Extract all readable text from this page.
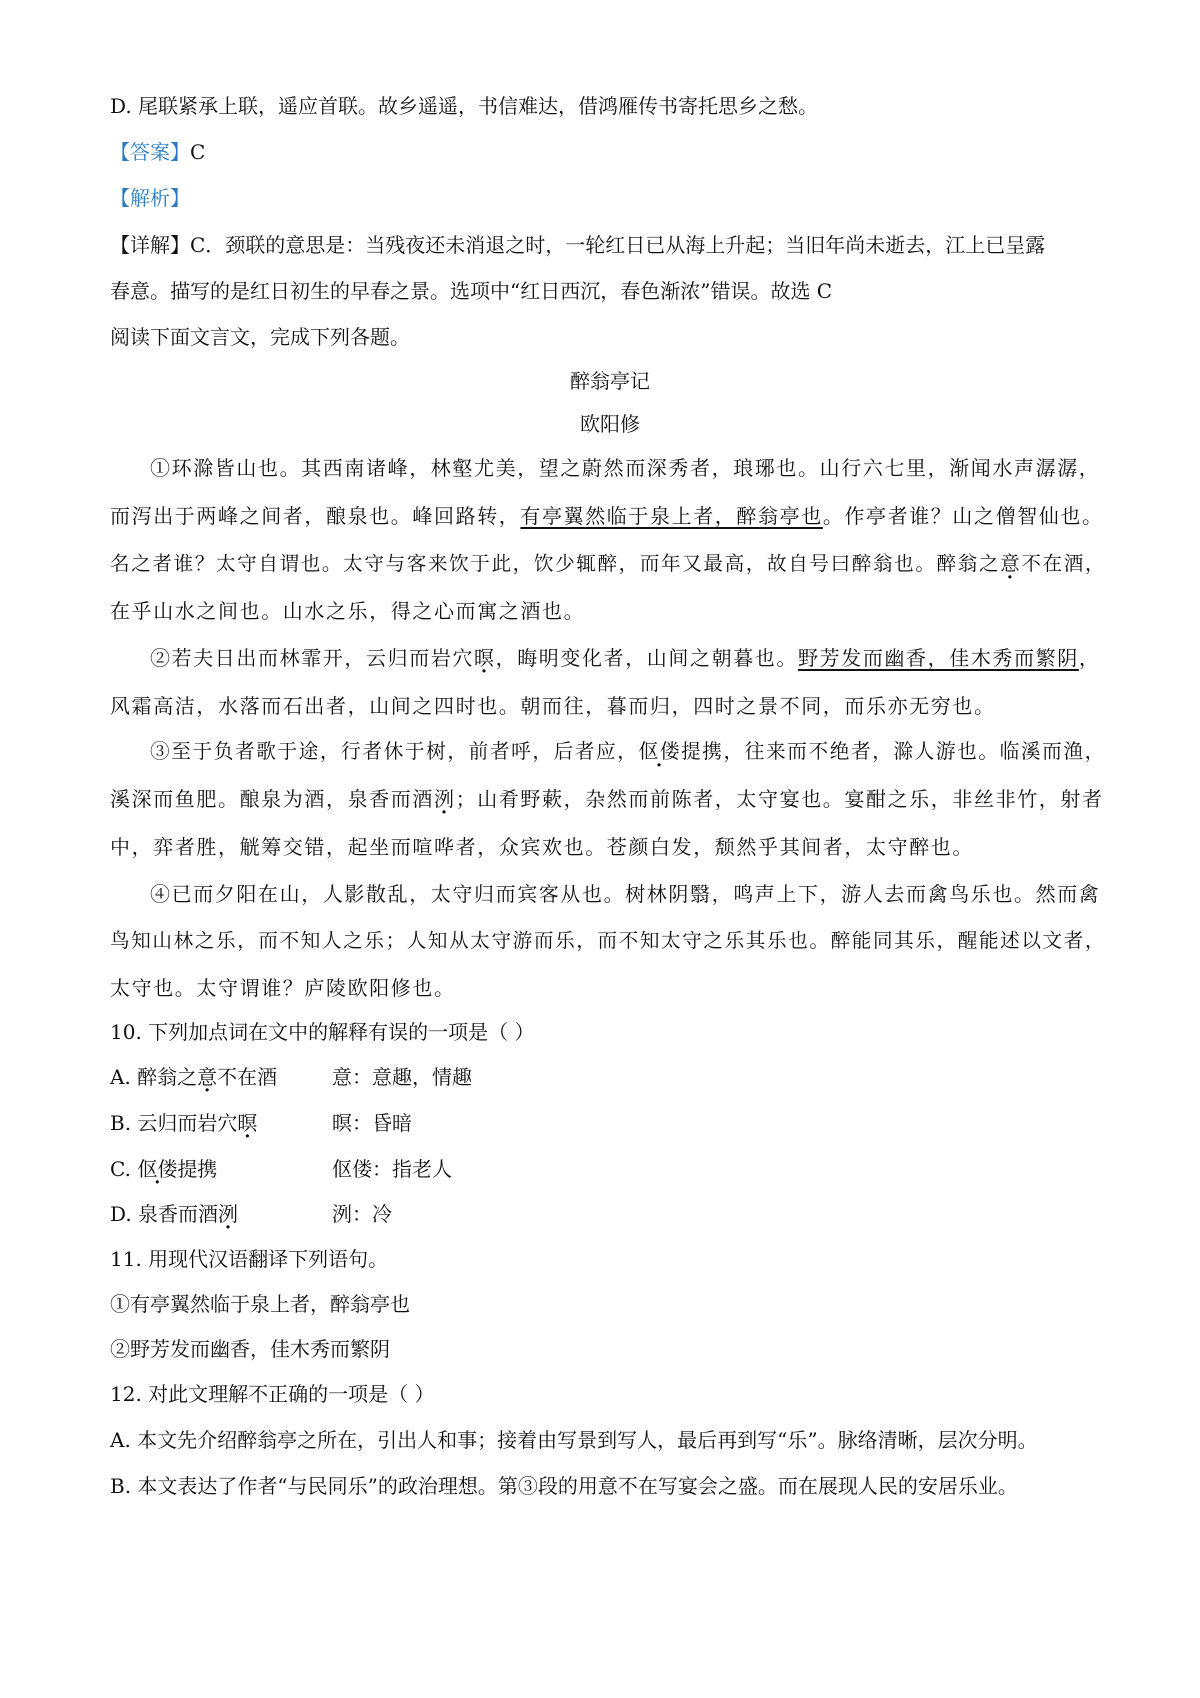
D. 尾联紧承上联，遥应首联。故乡遥遥，书信难达，借鸿雁传书寄托思乡之愁。
【答案】C
【解析】
【详解】C．颈联的意思是：当残夜还未消退之时，一轮红日已从海上升起；当旧年尚未逝去，江上已呈露
春意。描写的是红日初生的早春之景。选项中“红日西沉，春色渐浓”错误。故选 C
阅读下面文言文，完成下列各题。
醉翁亭记
欧阳修
①环滁皆山也。其西南诸峰，林壑尤美，望之蔚然而深秀者，琅琊也。山行六七里，渐闻水声潺潺，
而泻出于两峰之间者，酿泉也。峰回路转，有亭翼然临于泉上者，醉翁亭也。作亭者谁？山之僧智仙也。
名之者谁？太守自谓也。太守与客来饮于此，饮少辄醉，而年又最高，故自号曰醉翁也。醉翁之意不在酒，
在乎山水之间也。山水之乐，得之心而寓之酒也。
②若夫日出而林霏开，云归而岩穴暝，晦明变化者，山间之朝暮也。野芳发而幽香，佳木秀而繁阴，
风霜高洁，水落而石出者，山间之四时也。朝而往，暮而归，四时之景不同，而乐亦无穷也。
③至于负者歌于途，行者休于树，前者呼，后者应，伛偻提携，往来而不绝者，滁人游也。临溪而渔，
溪深而鱼肥。酿泉为酒，泉香而酒洌；山肴野蔌，杂然而前陈者，太守宴也。宴酣之乐，非丝非竹，射者
中，弈者胜，觥筹交错，起坐而喧哗者，众宾欢也。苍颜白发，颓然乎其间者，太守醉也。
④已而夕阳在山，人影散乱，太守归而宾客从也。树林阴翳，鸣声上下，游人去而禽鸟乐也。然而禽
鸟知山林之乐，而不知人之乐；人知从太守游而乐，而不知太守之乐其乐也。醉能同其乐，醒能述以文者，
太守也。太守谓谁？庐陵欧阳修也。
10. 下列加点词在文中的解释有误的一项是（ ）
A. 醉翁之意不在酒	意：意趣，情趣
B. 云归而岩穴暝	暝：昏暗
C. 伛偻提携	伛偻：指老人
D. 泉香而酒洌	洌：冷
11. 用现代汉语翻译下列语句。
①有亭翼然临于泉上者，醉翁亭也
②野芳发而幽香，佳木秀而繁阴
12. 对此文理解不正确的一项是（ ）
A. 本文先介绍醉翁亭之所在，引出人和事；接着由写景到写人，最后再到写“乐”。脉络清晰，层次分明。
B. 本文表达了作者“与民同乐”的政治理想。第③段的用意不在写宴会之盛。而在展现人民的安居乐业。
